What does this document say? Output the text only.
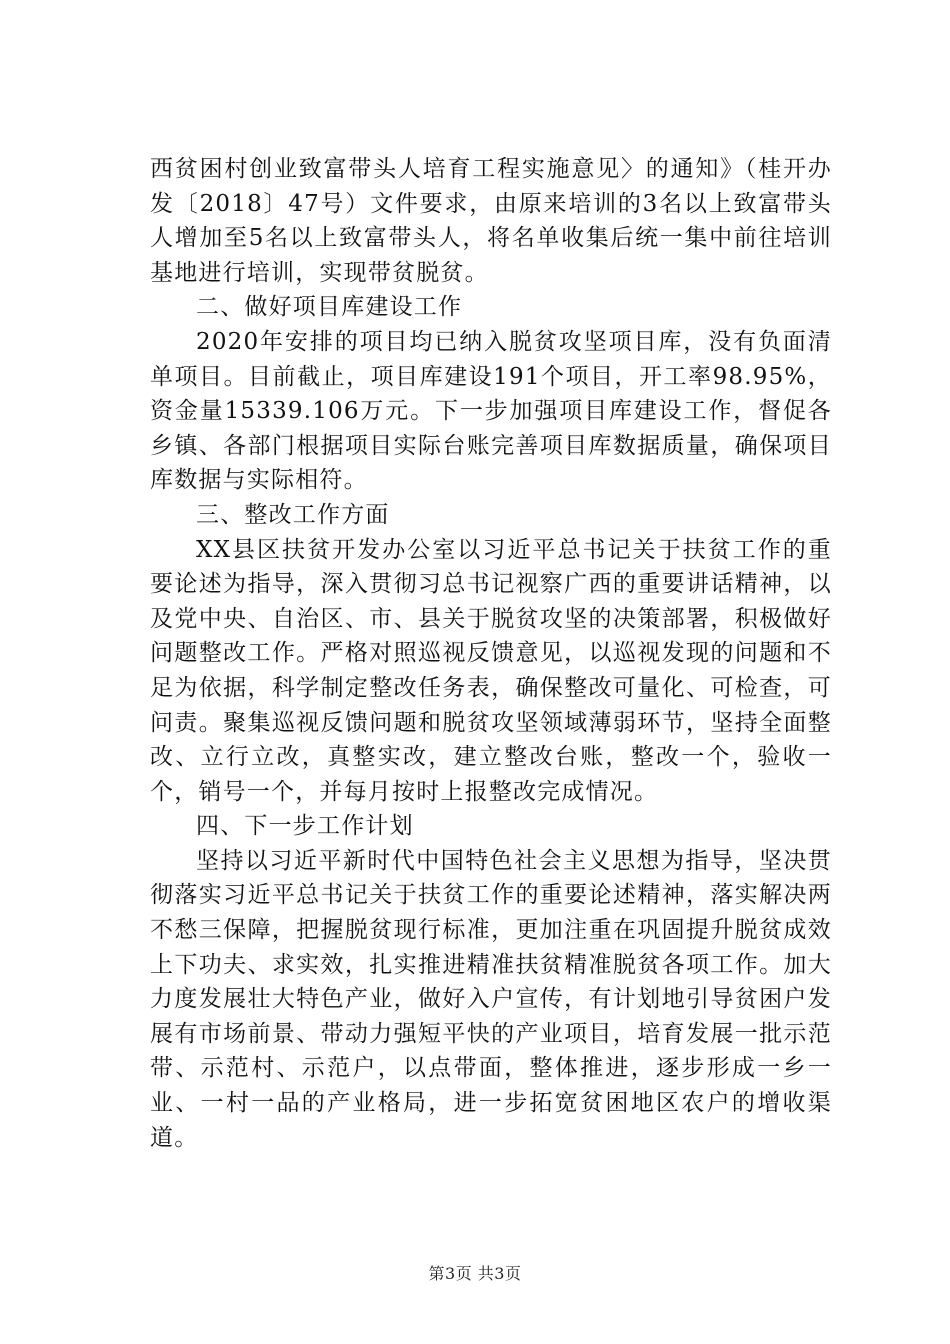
西贫困村创业致富带头人培育工程实施意见〉的通知》（桂开办发〔2018〕47号）文件要求，由原来培训的3名以上致富带头人增加至5名以上致富带头人，将名单收集后统一集中前往培训基地进行培训，实现带贫脱贫。

二、做好项目库建设工作

2020年安排的项目均已纳入脱贫攻坚项目库，没有负面清单项目。目前截止，项目库建设191个项目，开工率98.95%，资金量15339.106万元。下一步加强项目库建设工作，督促各乡镇、各部门根据项目实际台账完善项目库数据质量，确保项目库数据与实际相符。

三、整改工作方面

XX县区扶贫开发办公室以习近平总书记关于扶贫工作的重要论述为指导，深入贯彻习总书记视察广西的重要讲话精神，以及党中央、自治区、市、县关于脱贫攻坚的决策部署，积极做好问题整改工作。严格对照巡视反馈意见，以巡视发现的问题和不足为依据，科学制定整改任务表，确保整改可量化、可检查，可问责。聚集巡视反馈问题和脱贫攻坚领域薄弱环节，坚持全面整改、立行立改，真整实改，建立整改台账，整改一个，验收一个，销号一个，并每月按时上报整改完成情况。

四、下一步工作计划

坚持以习近平新时代中国特色社会主义思想为指导，坚决贯彻落实习近平总书记关于扶贫工作的重要论述精神，落实解决两不愁三保障，把握脱贫现行标准，更加注重在巩固提升脱贫成效上下功夫、求实效，扎实推进精准扶贫精准脱贫各项工作。加大力度发展壮大特色产业，做好入户宣传，有计划地引导贫困户发展有市场前景、带动力强短平快的产业项目，培育发展一批示范带、示范村、示范户，以点带面，整体推进，逐步形成一乡一业、一村一品的产业格局，进一步拓宽贫困地区农户的增收渠道。

第3页 共3页
